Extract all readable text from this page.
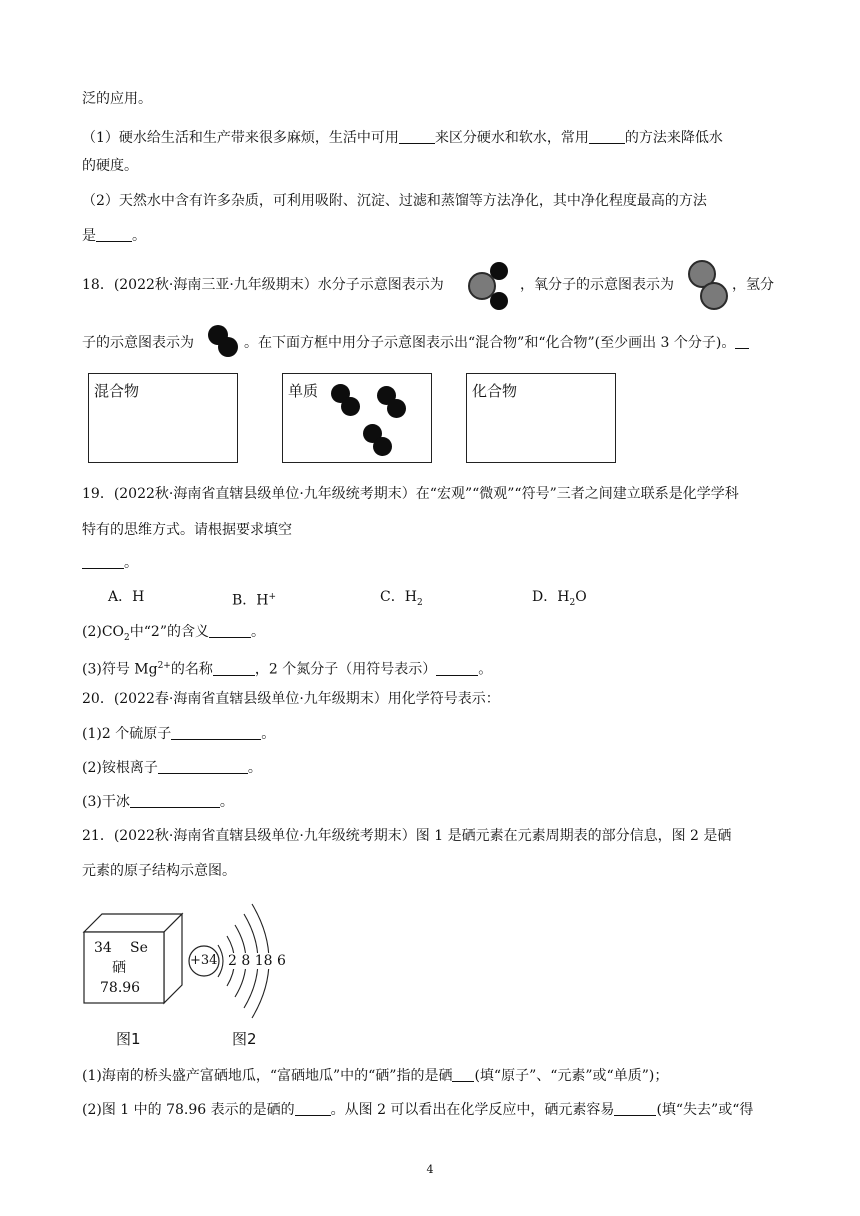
泛的应用。
（1）硬水给生活和生产带来很多麻烦，生活中可用	来区分硬水和软水，常用	的方法来降低水
的硬度。
（2）天然水中含有许多杂质，可利用吸附、沉淀、过滤和蒸馏等方法净化，其中净化程度最高的方法
是	。
18．(2022秋·海南三亚·九年级期末）水分子示意图表示为	，氧分子的示意图表示为	，氢分
子的示意图表示为	。在下面方框中用分子示意图表示出“混合物”和“化合物”(至少画出 3 个分子)。
混合物	单质	化合物
19．(2022秋·海南省直辖县级单位·九年级统考期末）在“宏观”“微观”“符号”三者之间建立联系是化学学科
特有的思维方式。请根据要求填空
。
A．H	B．H+	C．$H_2$	D．$H_2O$
$(2)CO_2$中“2”的含义	。
(3)符号 $Mg^{2+}$的名称	，2 个氮分子（用符号表示）	。
20．(2022春·海南省直辖县级单位·九年级期末）用化学符号表示：
(1)2 个硫原子	。
(2)铵根离子	。
(3)干冰	。
21．(2022秋·海南省直辖县级单位·九年级统考期末）图 1 是硒元素在元素周期表的部分信息，图 2 是硒
元素的原子结构示意图。
34 Se
硒
78.96
+34 2 8 18 6
图1	图2
(1)海南的桥头盛产富硒地瓜，“富硒地瓜”中的“硒”指的是硒 (填“原子”、“元素”或“单质”)；
(2)图 1 中的 78.96 表示的是硒的	。从图 2 可以看出在化学反应中，硒元素容易	(填“失去”或“得
4
